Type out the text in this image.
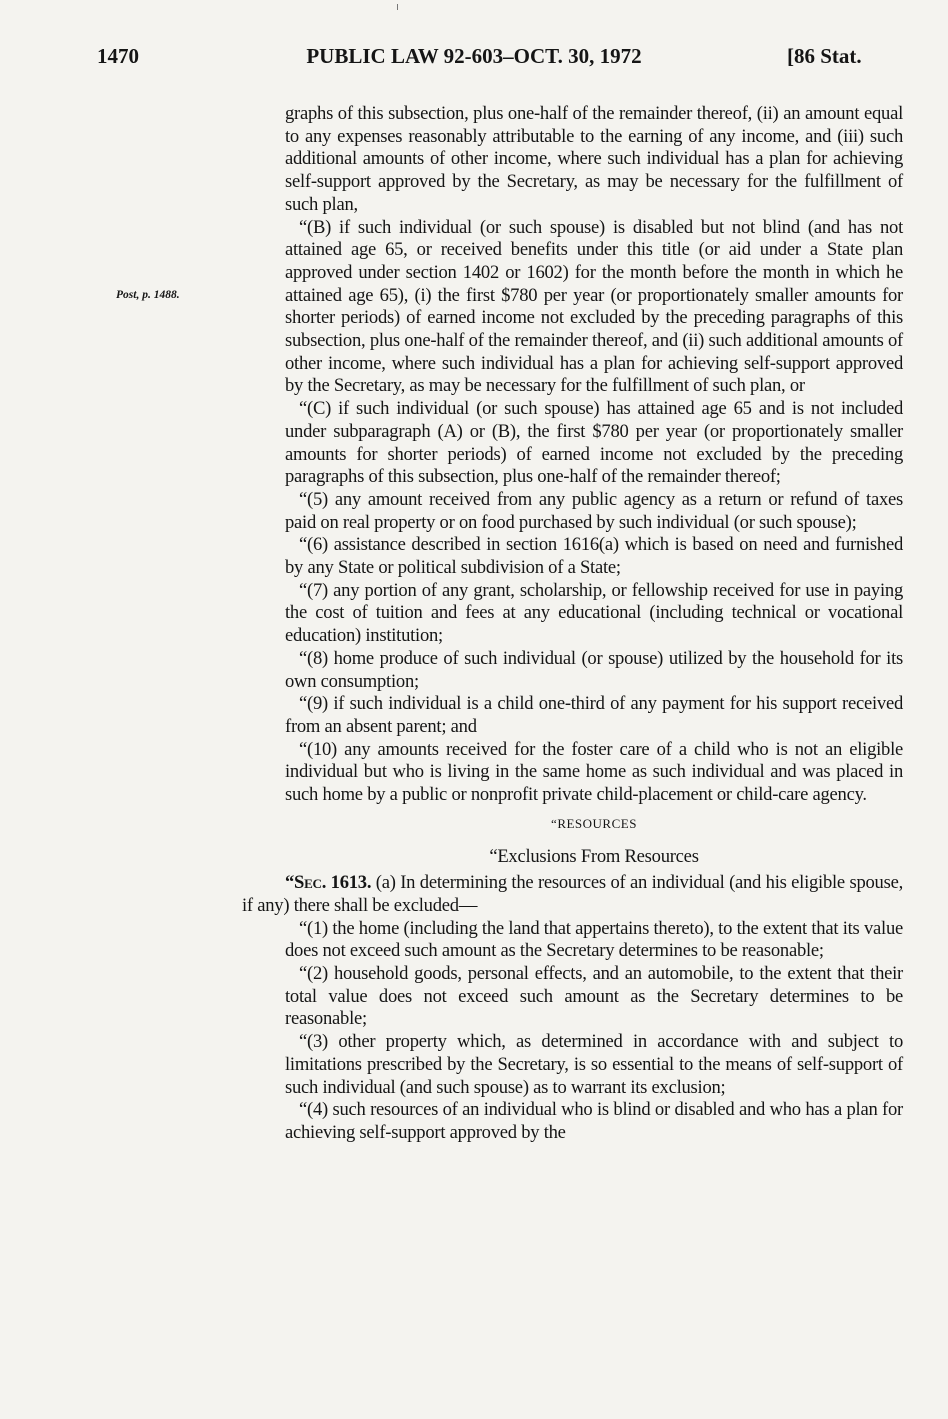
1470	PUBLIC LAW 92-603–OCT. 30, 1972	[86 Stat.
Post, p. 1488.

graphs of this subsection, plus one-half of the remainder thereof, (ii) an amount equal to any expenses reasonably attributable to the earning of any income, and (iii) such additional amounts of other income, where such individual has a plan for achieving self-support approved by the Secretary, as may be necessary for the fulfillment of such plan,

“(B) if such individual (or such spouse) is disabled but not blind (and has not attained age 65, or received benefits under this title (or aid under a State plan approved under section 1402 or 1602) for the month before the month in which he attained age 65), (i) the first $780 per year (or proportionately smaller amounts for shorter periods) of earned income not excluded by the preceding paragraphs of this subsection, plus one-half of the remainder thereof, and (ii) such additional amounts of other income, where such individual has a plan for achieving self-support approved by the Secretary, as may be necessary for the fulfillment of such plan, or

“(C) if such individual (or such spouse) has attained age 65 and is not included under subparagraph (A) or (B), the first $780 per year (or proportionately smaller amounts for shorter periods) of earned income not excluded by the preceding paragraphs of this subsection, plus one-half of the remainder thereof;

“(5) any amount received from any public agency as a return or refund of taxes paid on real property or on food purchased by such individual (or such spouse);

“(6) assistance described in section 1616(a) which is based on need and furnished by any State or political subdivision of a State;

“(7) any portion of any grant, scholarship, or fellowship received for use in paying the cost of tuition and fees at any educational (including technical or vocational education) institution;

“(8) home produce of such individual (or spouse) utilized by the household for its own consumption;

“(9) if such individual is a child one-third of any payment for his support received from an absent parent; and

“(10) any amounts received for the foster care of a child who is not an eligible individual but who is living in the same home as such individual and was placed in such home by a public or nonprofit private child-placement or child-care agency.

“RESOURCES

“Exclusions From Resources

“Sec. 1613. (a) In determining the resources of an individual (and his eligible spouse, if any) there shall be excluded—

“(1) the home (including the land that appertains thereto), to the extent that its value does not exceed such amount as the Secretary determines to be reasonable;

“(2) household goods, personal effects, and an automobile, to the extent that their total value does not exceed such amount as the Secretary determines to be reasonable;

“(3) other property which, as determined in accordance with and subject to limitations prescribed by the Secretary, is so essential to the means of self-support of such individual (and such spouse) as to warrant its exclusion;

“(4) such resources of an individual who is blind or disabled and who has a plan for achieving self-support approved by the
